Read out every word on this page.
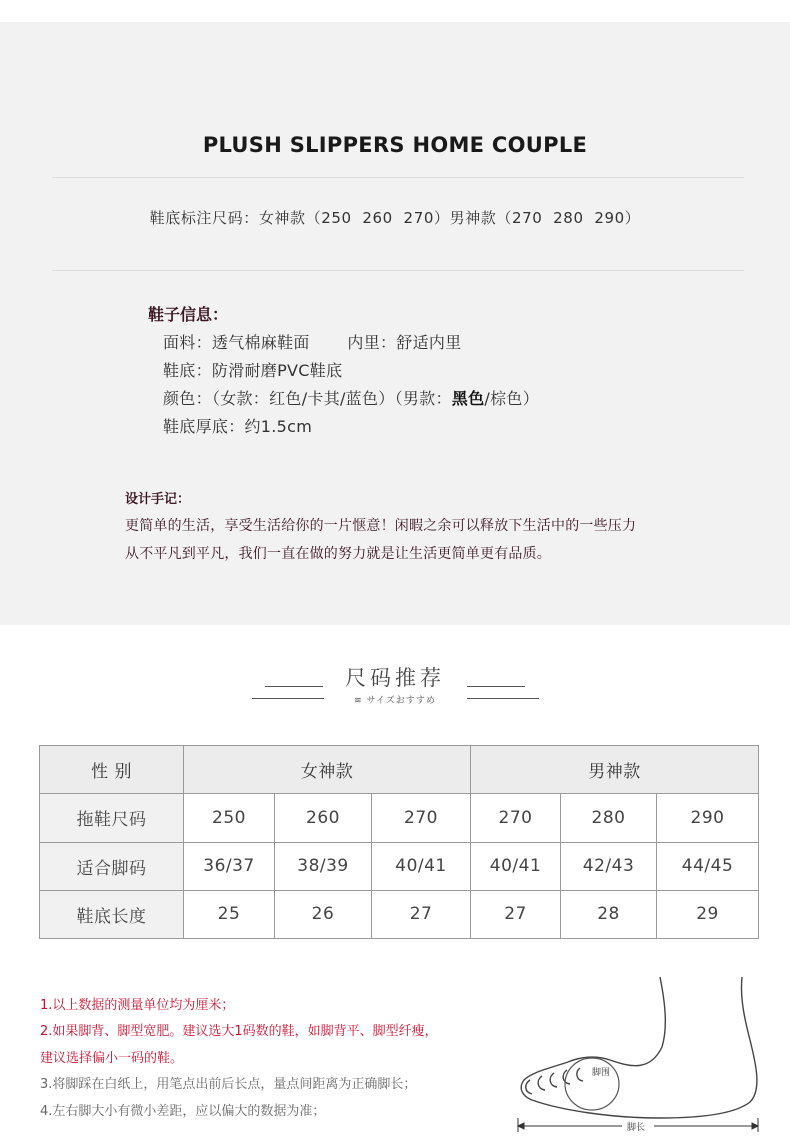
PLUSH SLIPPERS HOME COUPLE
鞋底标注尺码：女神款（250  260  270）男神款（270  280  290）
鞋子信息：
面料：透气棉麻鞋面       内里：舒适内里
鞋底：防滑耐磨PVC鞋底
颜色：（女款：红色/卡其/蓝色）（男款：黑色/棕色）
鞋底厚底：约1.5cm
设计手记：
更简单的生活，享受生活给你的一片惬意！闲暇之余可以释放下生活中的一些压力
从不平凡到平凡，我们一直在做的努力就是让生活更简单更有品质。
尺码推荐
≋ サイズおすすめ
性 别	女神款			男神款		
拖鞋尺码	250	260	270	270	280	290
适合脚码	36/37	38/39	40/41	40/41	42/43	44/45
鞋底长度	25	26	27	27	28	29
1.以上数据的测量单位均为厘米；
2.如果脚背、脚型宽肥。建议选大1码数的鞋，如脚背平、脚型纤瘦，
建议选择偏小一码的鞋。
3.将脚踩在白纸上，用笔点出前后长点，量点间距离为正确脚长；
4.左右脚大小有微小差距，应以偏大的数据为准；
脚围
脚长
